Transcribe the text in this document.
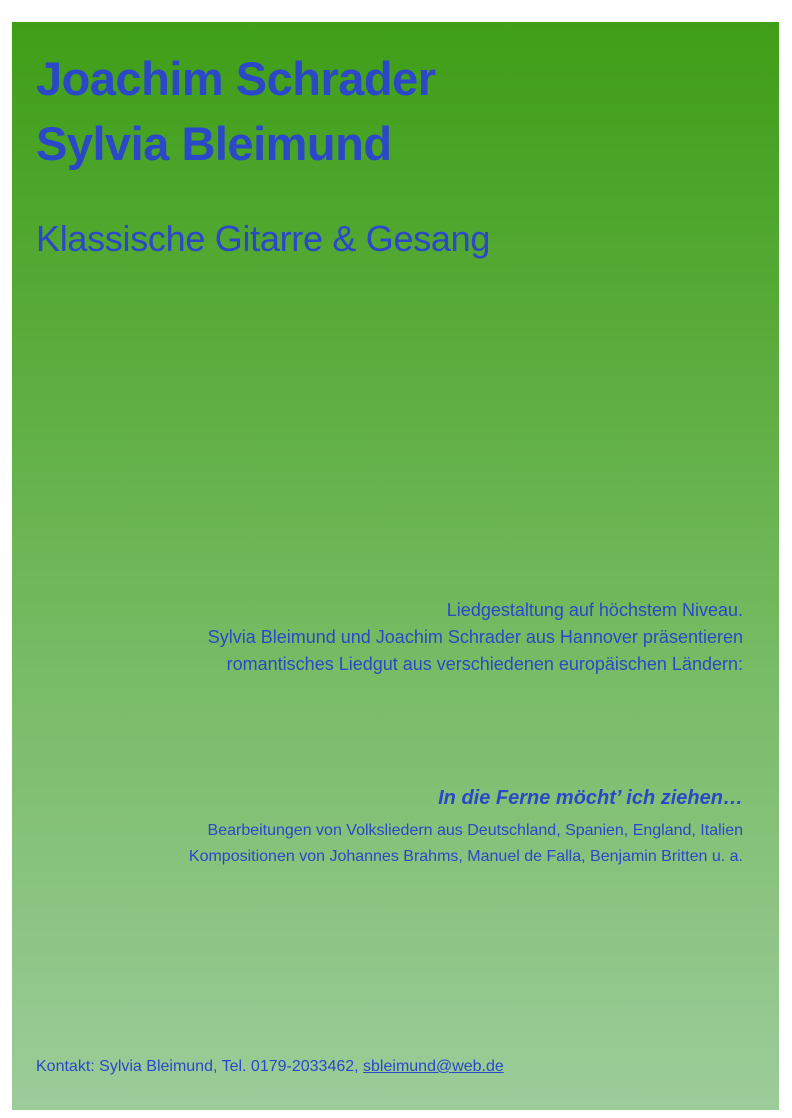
Joachim Schrader
Sylvia Bleimund
Klassische Gitarre & Gesang
Liedgestaltung auf höchstem Niveau.
Sylvia Bleimund und Joachim Schrader aus Hannover präsentieren
romantisches Liedgut aus verschiedenen europäischen Ländern:
In die Ferne möcht’ ich ziehen…
Bearbeitungen von Volksliedern aus Deutschland, Spanien, England, Italien
Kompositionen von Johannes Brahms, Manuel de Falla, Benjamin Britten u. a.
Kontakt: Sylvia Bleimund, Tel. 0179-2033462, sbleimund@web.de
